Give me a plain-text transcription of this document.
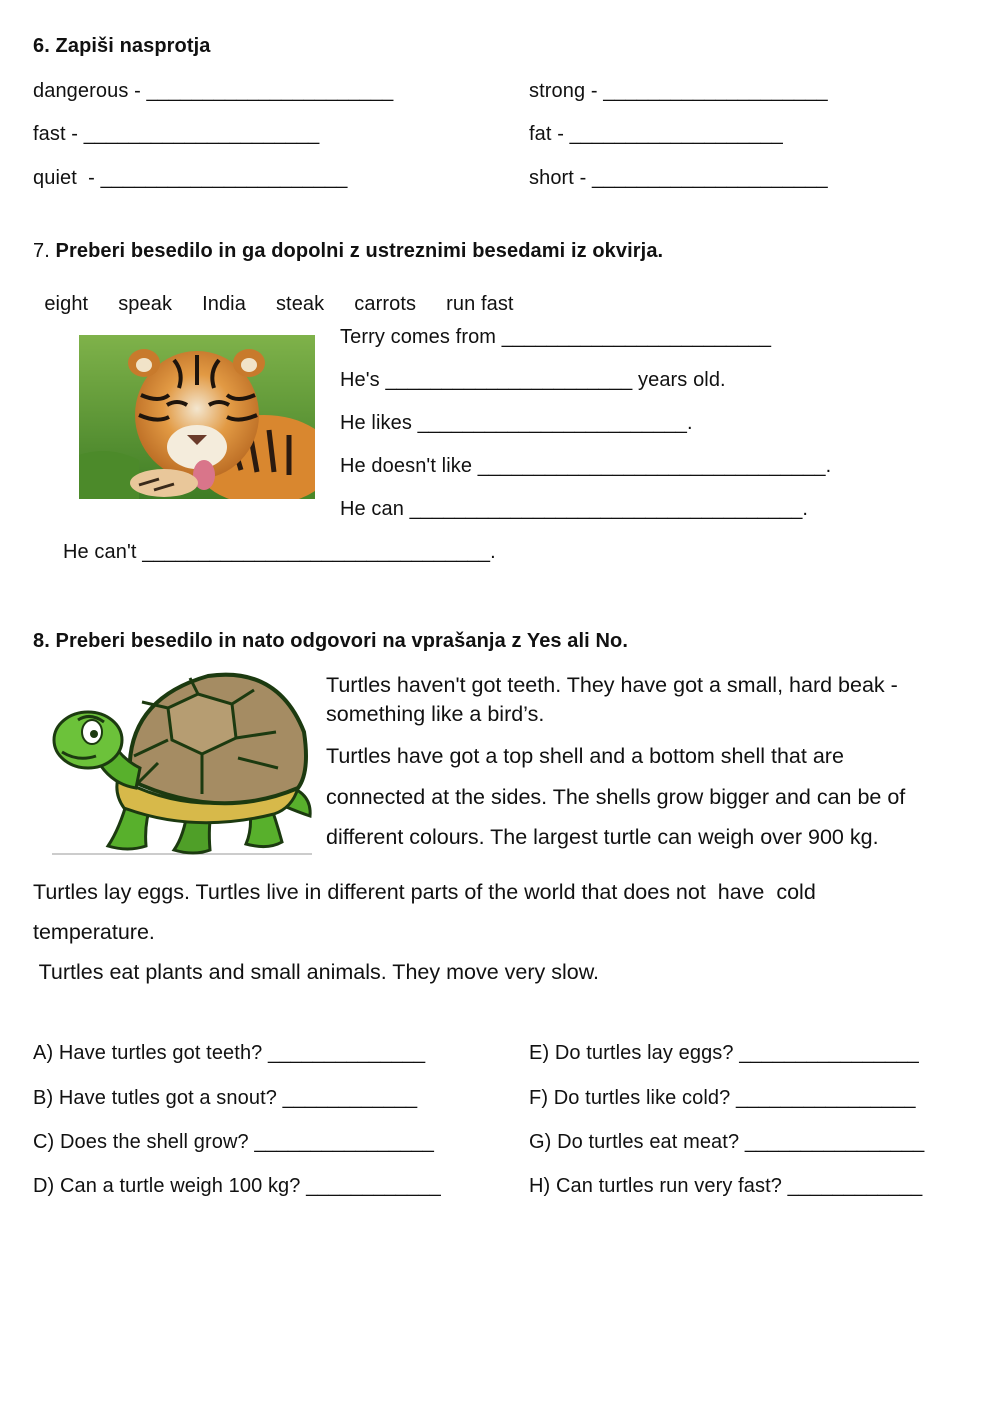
6. Zapiši nasprotja
dangerous - ______________________	strong - ____________________
fast - _____________________	fat - ___________________
quiet  - ______________________	short - _____________________
7. Preberi besedilo in ga dopolni z ustreznimi besedami iz okvirja.

eight speak India steak carrots run fast

Terry comes from ________________________
He's ______________________ years old.
He likes ________________________.
He doesn't like _______________________________.
He can ___________________________________.
He can't _______________________________.
8. Preberi besedilo in nato odgovori na vprašanja z Yes ali No.
Turtles haven't got teeth. They have got a small, hard beak -
something like a bird’s.
Turtles have got a top shell and a bottom shell that are
connected at the sides. The shells grow bigger and can be of
different colours. The largest turtle can weigh over 900 kg.
Turtles lay eggs. Turtles live in different parts of the world that does not  have  cold
temperature.
Turtles eat plants and small animals. They move very slow.
A) Have turtles got teeth? ______________	E) Do turtles lay eggs? ________________
B) Have tutles got a snout? ____________	F) Do turtles like cold? ________________
C) Does the shell grow? ________________	G) Do turtles eat meat? ________________
D) Can a turtle weigh 100 kg? ____________	H) Can turtles run very fast? ____________
